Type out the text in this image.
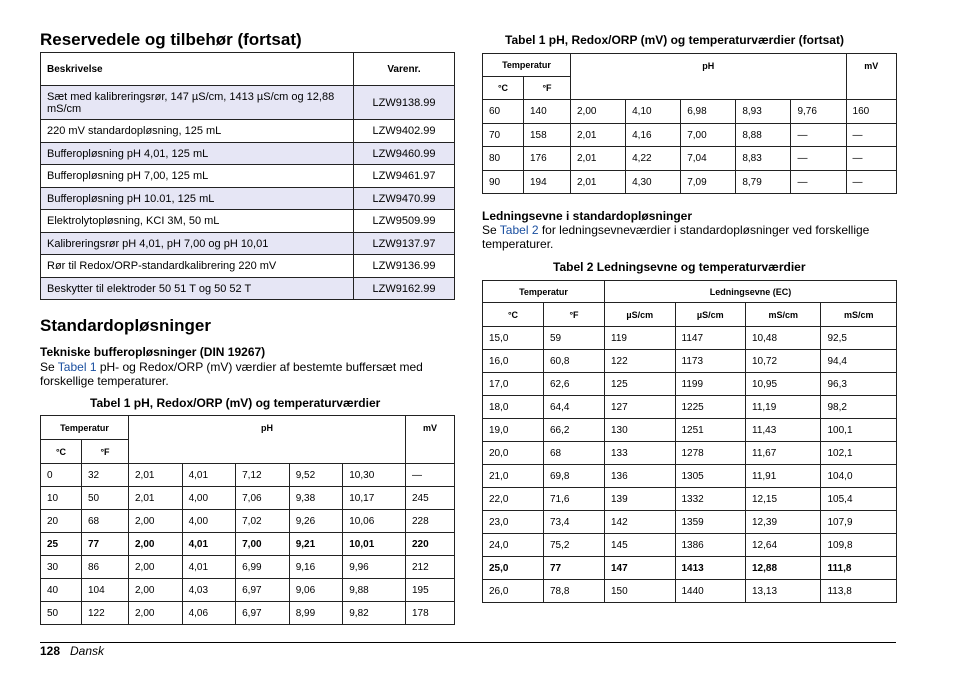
Reservedele og tilbehør (fortsat)
Beskrivelse	Varenr.
Sæt med kalibreringsrør, 147 µS/cm, 1413 µS/cm og 12,88 mS/cm	LZW9138.99
220 mV standardopløsning, 125 mL	LZW9402.99
Bufferopløsning pH 4,01, 125 mL	LZW9460.99
Bufferopløsning pH 7,00, 125 mL	LZW9461.97
Bufferopløsning pH 10.01, 125 mL	LZW9470.99
Elektrolytopløsning, KCI 3M, 50 mL	LZW9509.99
Kalibreringsrør pH 4,01, pH 7,00 og pH 10,01	LZW9137.97
Rør til Redox/ORP-standardkalibrering 220 mV	LZW9136.99
Beskytter til elektroder 50 51 T og 50 52 T	LZW9162.99
Standardopløsninger

Tekniske bufferopløsninger (DIN 19267)

Se Tabel 1 pH- og Redox/ORP (mV) værdier af bestemte buffersæt med forskellige temperaturer.

Tabel 1 pH, Redox/ORP (mV) og temperaturværdier

Temperatur		pH					mV
°C	°F						
0	32	2,01	4,01	7,12	9,52	10,30	—
10	50	2,01	4,00	7,06	9,38	10,17	245
20	68	2,00	4,00	7,02	9,26	10,06	228
25	77	2,00	4,01	7,00	9,21	10,01	220
30	86	2,00	4,01	6,99	9,16	9,96	212
40	104	2,00	4,03	6,97	9,06	9,88	195
50	122	2,00	4,06	6,97	8,99	9,82	178

Tabel 1 pH, Redox/ORP (mV) og temperaturværdier (fortsat)

Temperatur		pH					mV
°C	°F						
60	140	2,00	4,10	6,98	8,93	9,76	160
70	158	2,01	4,16	7,00	8,88	—	—
80	176	2,01	4,22	7,04	8,83	—	—
90	194	2,01	4,30	7,09	8,79	—	—

Ledningsevne i standardopløsninger

Se Tabel 2 for ledningsevneværdier i standardopløsninger ved forskellige temperaturer.

Tabel 2 Ledningsevne og temperaturværdier

Temperatur		Ledningsevne (EC)			
°C	°F	µS/cm	µS/cm	mS/cm	mS/cm
15,0	59	119	1147	10,48	92,5
16,0	60,8	122	1173	10,72	94,4
17,0	62,6	125	1199	10,95	96,3
18,0	64,4	127	1225	11,19	98,2
19,0	66,2	130	1251	11,43	100,1
20,0	68	133	1278	11,67	102,1
21,0	69,8	136	1305	11,91	104,0
22,0	71,6	139	1332	12,15	105,4
23,0	73,4	142	1359	12,39	107,9
24,0	75,2	145	1386	12,64	109,8
25,0	77	147	1413	12,88	111,8
26,0	78,8	150	1440	13,13	113,8
128 Dansk
